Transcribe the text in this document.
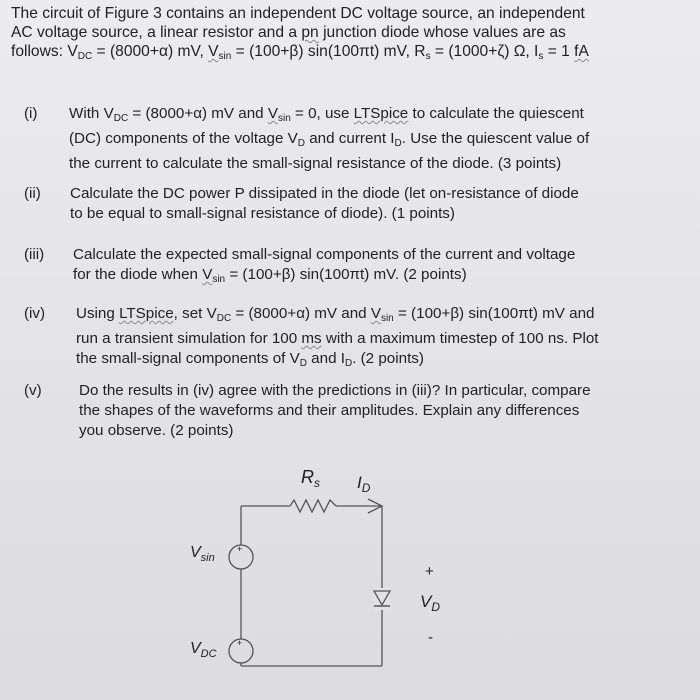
The circuit of Figure 3 contains an independent DC voltage source, an independent
AC voltage source, a linear resistor and a pn junction diode whose values are as
follows: $V_{DC} = (8000+\alpha)$ mV, $V_{sin} = (100+\beta)$ sin(100πt) mV, $R_s = (1000+\zeta)$ Ω, $I_s = 1$ fA
(i) With $V_{DC} = (8000+\alpha)$ mV and $V_{sin} = 0$, use LTSpice to calculate the quiescent
(DC) components of the voltage $V_D$ and current $I_D$. Use the quiescent value of
the current to calculate the small-signal resistance of the diode. (3 points)
(ii) Calculate the DC power P dissipated in the diode (let on-resistance of diode
to be equal to small-signal resistance of diode). (1 points)
(iii) Calculate the expected small-signal components of the current and voltage
for the diode when $V_{sin} = (100+\beta)$ sin(100πt) mV. (2 points)
(iv) Using LTSpice, set $V_{DC} = (8000+\alpha)$ mV and $V_{sin} = (100+\beta)$ sin(100πt) mV and
run a transient simulation for 100 ms with a maximum timestep of 100 ns. Plot
the small-signal components of $V_D$ and $I_D$. (2 points)
(v) Do the results in (iv) agree with the predictions in (iii)? In particular, compare
the shapes of the waveforms and their amplitudes. Explain any differences
you observe. (2 points)
$R_s$ $I_D$
$V_{sin}$
$V_{DC}$
+
+
+
$V_D$
-
